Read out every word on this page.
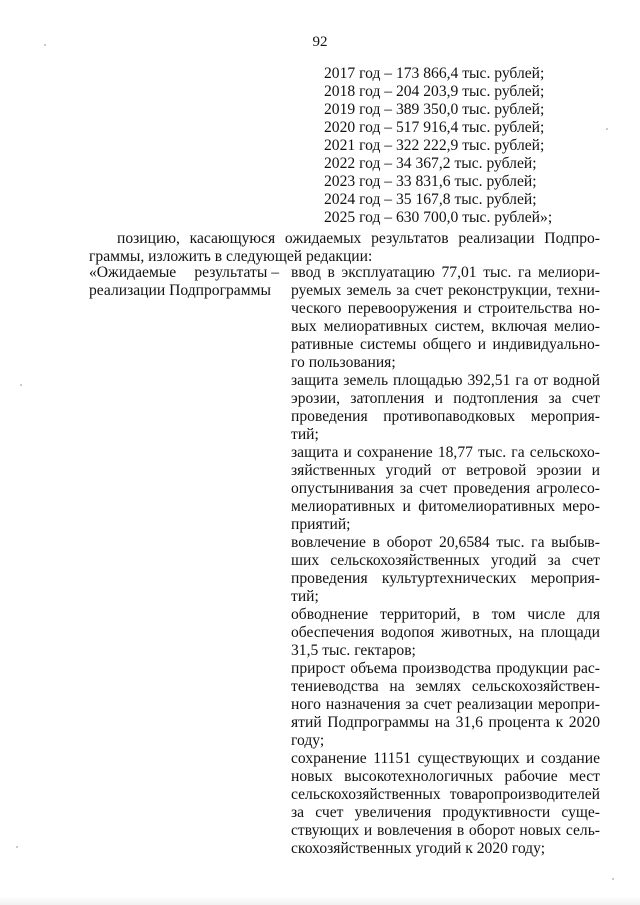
92
2017 год – 173 866,4 тыс. рублей;
2018 год – 204 203,9 тыс. рублей;
2019 год – 389 350,0 тыс. рублей;
2020 год – 517 916,4 тыс. рублей;
2021 год – 322 222,9 тыс. рублей;
2022 год – 34 367,2 тыс. рублей;
2023 год – 33 831,6 тыс. рублей;
2024 год – 35 167,8 тыс. рублей;
2025 год – 630 700,0 тыс. рублей»;
позицию, касающуюся ожидаемых результатов реализации Подпро-
граммы, изложить в следующей редакции:
«Ожидаемые результаты –
реализации Подпрограммы
ввод в эксплуатацию 77,01 тыс. га мелиори-
руемых земель за счет реконструкции, техни-
ческого перевооружения и строительства но-
вых мелиоративных систем, включая мелио-
ративные системы общего и индивидуально-
го пользования;
защита земель площадью 392,51 га от водной
эрозии, затопления и подтопления за счет
проведения противопаводковых мероприя-
тий;
защита и сохранение 18,77 тыс. га сельскохо-
зяйственных угодий от ветровой эрозии и
опустынивания за счет проведения агролесо-
мелиоративных и фитомелиоративных меро-
приятий;
вовлечение в оборот 20,6584 тыс. га выбыв-
ших сельскохозяйственных угодий за счет
проведения культуртехнических мероприя-
тий;
обводнение территорий, в том числе для
обеспечения водопоя животных, на площади
31,5 тыс. гектаров;
прирост объема производства продукции рас-
тениеводства на землях сельскохозяйствен-
ного назначения за счет реализации меропри-
ятий Подпрограммы на 31,6 процента к 2020
году;
сохранение 11151 существующих и создание
новых высокотехнологичных рабочие мест
сельскохозяйственных товаропроизводителей
за счет увеличения продуктивности суще-
ствующих и вовлечения в оборот новых сель-
скохозяйственных угодий к 2020 году;
